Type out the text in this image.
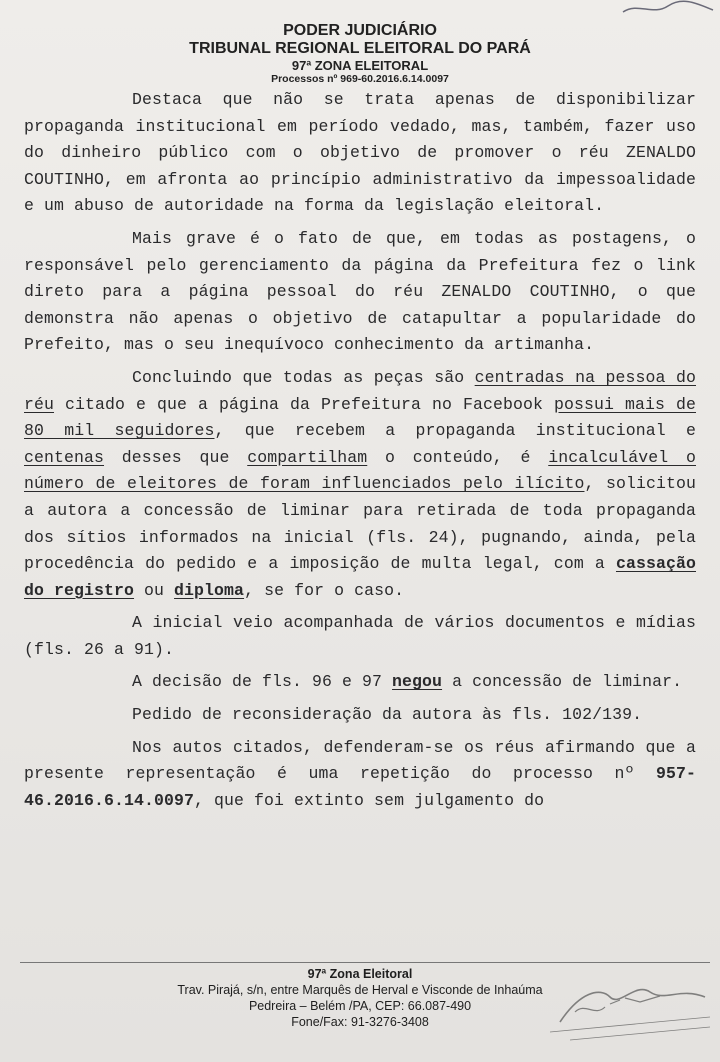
PODER JUDICIÁRIO
TRIBUNAL REGIONAL ELEITORAL DO PARÁ
97ª ZONA ELEITORAL
Processos nº 969-60.2016.6.14.0097

Destaca que não se trata apenas de disponibilizar propaganda institucional em período vedado, mas, também, fazer uso do dinheiro público com o objetivo de promover o réu ZENALDO COUTINHO, em afronta ao princípio administrativo da impessoalidade e um abuso de autoridade na forma da legislação eleitoral.

Mais grave é o fato de que, em todas as postagens, o responsável pelo gerenciamento da página da Prefeitura fez o link direto para a página pessoal do réu ZENALDO COUTINHO, o que demonstra não apenas o objetivo de catapultar a popularidade do Prefeito, mas o seu inequívoco conhecimento da artimanha.

Concluindo que todas as peças são centradas na pessoa do réu citado e que a página da Prefeitura no Facebook possui mais de 80 mil seguidores, que recebem a propaganda institucional e centenas desses que compartilham o conteúdo, é incalculável o número de eleitores de foram influenciados pelo ilícito, solicitou a autora a concessão de liminar para retirada de toda propaganda dos sítios informados na inicial (fls. 24), pugnando, ainda, pela procedência do pedido e a imposição de multa legal, com a cassação do registro ou diploma, se for o caso.

A inicial veio acompanhada de vários documentos e mídias (fls. 26 a 91).

A decisão de fls. 96 e 97 negou a concessão de liminar.

Pedido de reconsideração da autora às fls. 102/139.

Nos autos citados, defenderam-se os réus afirmando que a presente representação é uma repetição do processo nº 957-46.2016.6.14.0097, que foi extinto sem julgamento do

97ª Zona Eleitoral
Trav. Pirajá, s/n, entre Marquês de Herval e Visconde de Inhaúma
Pedreira – Belém /PA, CEP: 66.087-490
Fone/Fax: 91-3276-3408
